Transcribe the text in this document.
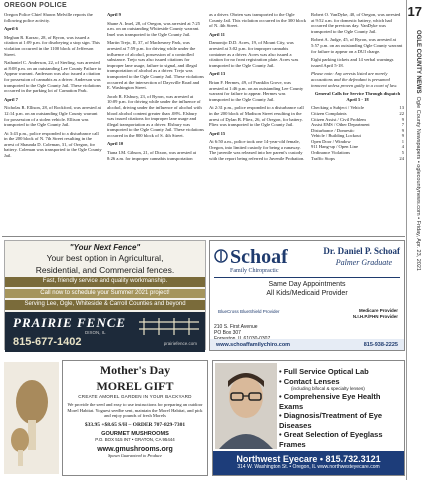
OREGON POLICE	17
OGLE COUNTY NEWS  Ogle County Newspapers • oglecountynews.com • Friday, Apr. 23, 2021

Oregon Police Chief Shawn Melville reports the following police activity.

April 6

Meghan R. Karzac, 28, of Byron, was issued a citation at 1:09 p.m. for disobeying a stop sign. This violation occurred in the 1100 block of Jefferson Street.

Nathaniel C. Anderson, 22, of Sterling, was arrested at 8:08 p.m. on an outstanding Lee County Failure to Appear warrant. Anderson was also issued a citation for possession of cannabis as a driver. Anderson was transported to the Ogle County Jail. These violations occurred in the parking lot of Carnation Park.

April 7

Nicholas R. Ellison, 28, of Rockford, was arrested at 12:14 p.m. on an outstanding Ogle County warrant for possession of a stolen vehicle. Ellison was transported to the Ogle County Jail.

At 3:43 p.m., police responded to a disturbance call in the 200 block of N. 7th Street resulting in the arrest of Shaunda D. Coleman, 31, of Oregon, for battery. Coleman was transported to the Ogle County Jail.

April 9

Shane A. Imel, 28, of Oregon, was arrested at 7:25 a.m. on an outstanding Whiteside County warrant. Imel was transported to the Ogle County Jail.

Martin Trejo, II, 37, of Machesney Park, was arrested at 7:59 p.m. for driving while under the influence of alcohol, possession of a controlled substance. Trejo was also issued citations for improper lane usage, failure to signal, and illegal transportation of alcohol as a driver. Trejo was transported to the Ogle County Jail. These violations occurred at the intersection of Daysville Road and E. Washington Street.

Jacob R. Elsbury, 23, of Byron, was arrested at 10:09 p.m. for driving while under the influence of alcohol, driving under the influence of alcohol with blood alcohol content greater than .08%. Elsbury was issued citations for improper lane usage and illegal transportation as a driver. Elsbury was transported to the Ogle County Jail. These violations occurred in the 800 block of S. 4th Street.

April 10

Tiana I.M. Gibson, 21, of Dixon, was arrested at 8:26 a.m. for improper cannabis transportation

as a driver. Obrien was transported to the Ogle County Jail. This violation occurred in the 300 block of N. 4th Street.

April 11

Damonijo D.D. Acres, 19, of Mount City, was arrested at 3:02 p.m. for improper cannabis container as a driver. Acres was also issued a citation for no front registration plate. Acres was transported to the Ogle County Jail.

April 13

Brian F. Hermes, 49, of Franklin Grove, was arrested at 1:46 p.m. on an outstanding Lee County warrant for failure to appear. Hermes was transported to the Ogle County Jail.

At 2:31 p.m., police responded to a disturbance call in the 200 block of Madison Street resulting in the arrest of Dylan B. Pliex, 26, of Oregon, for battery. Pliex was transported to the Ogle County Jail.

April 15

At 6:50 a.m., police took one 14-year-old female, Oregon, into limited custody for being a runaway. The juvenile was released into her parent's custody with the report being referred to Juvenile Probation.

Robert O. VanDyke, 40, of Oregon, was arrested at 9:52 a.m. for domestic battery, which had occurred the previous day. VanDyke was transported to the Ogle County Jail.

Robert A. Judge, 45, of Byron, was arrested at 5:57 p.m. on an outstanding Ogle County warrant for failure to appear on a DUI charge.

Eight parking tickets and 14 verbal warnings issued April 5-18.

Please note: Any arrests listed are merely accusations and the defendant is presumed innocent unless proven guilty in a court of law.

General Calls for Service Through dispatch April 5 - 18

Checking a Subject / Vehicle	13
Citizen Complaints	22
Citizen Assist / Civil Problem	9
Assist EMS / Other Department	7
Disturbance / Domestic	9
Vehicle / Building Lockout	9
Open Door / Window	1
911 Hang-up / Open Line	4
Ordinance Violations	5
Traffic Stops	24
"Your Next Fence"
Your best option in Agricultural,
Residential, and Commercial fences.
Fast, friendly service and quality workmanship.
Call now to schedule your Summer 2021 project!
Serving Lee, Ogle, Whiteside & Carroll Counties and beyond
PRAIRIE FENCE
DIXON, IL
815-677-1402	prairiefence.com
Schoaf
Family Chiropractic
Dr. Daniel P. Schoaf
Palmer Graduate
Same Day Appointments
All Kids/Medicaid Provider
BlueCross BlueShield Provider	Medicare Provider
N.I.H.P./FHN Provider
210 S. First Avenue
PO Box 307
www.schoaffamilychiro.com	815-938-2225
Mother's Day
MOREL GIFT
CREATE AMOREL GARDEN IN YOUR BACKYARD
We provide the seed and easy to use instructions for preparing an outdoor Morel Habitat. Yoguest seedbe sent, maintain the Morel Habitat, and pick and enjoy pounds of fresh Morels
$33.95 +$8.65 S/H – ORDER 707-829-7301
GOURMET MUSHROOMS
P.O. BOX 515 IN7 • GRATON, CA 95444
www.gmushrooms.org
Spawn Guaranteed to Produce
• Full Service Optical Lab
• Contact Lenses
(including bifocal & specialty lenses)
• Comprehensive Eye Health Exams
• Diagnosis/Treatment of Eye Diseases
• Great Selection of Eyeglass Frames
Northwest Eyecare • 815.732.3121
314 W. Washington St. • Oregon, IL www.northwesteyecare.com
